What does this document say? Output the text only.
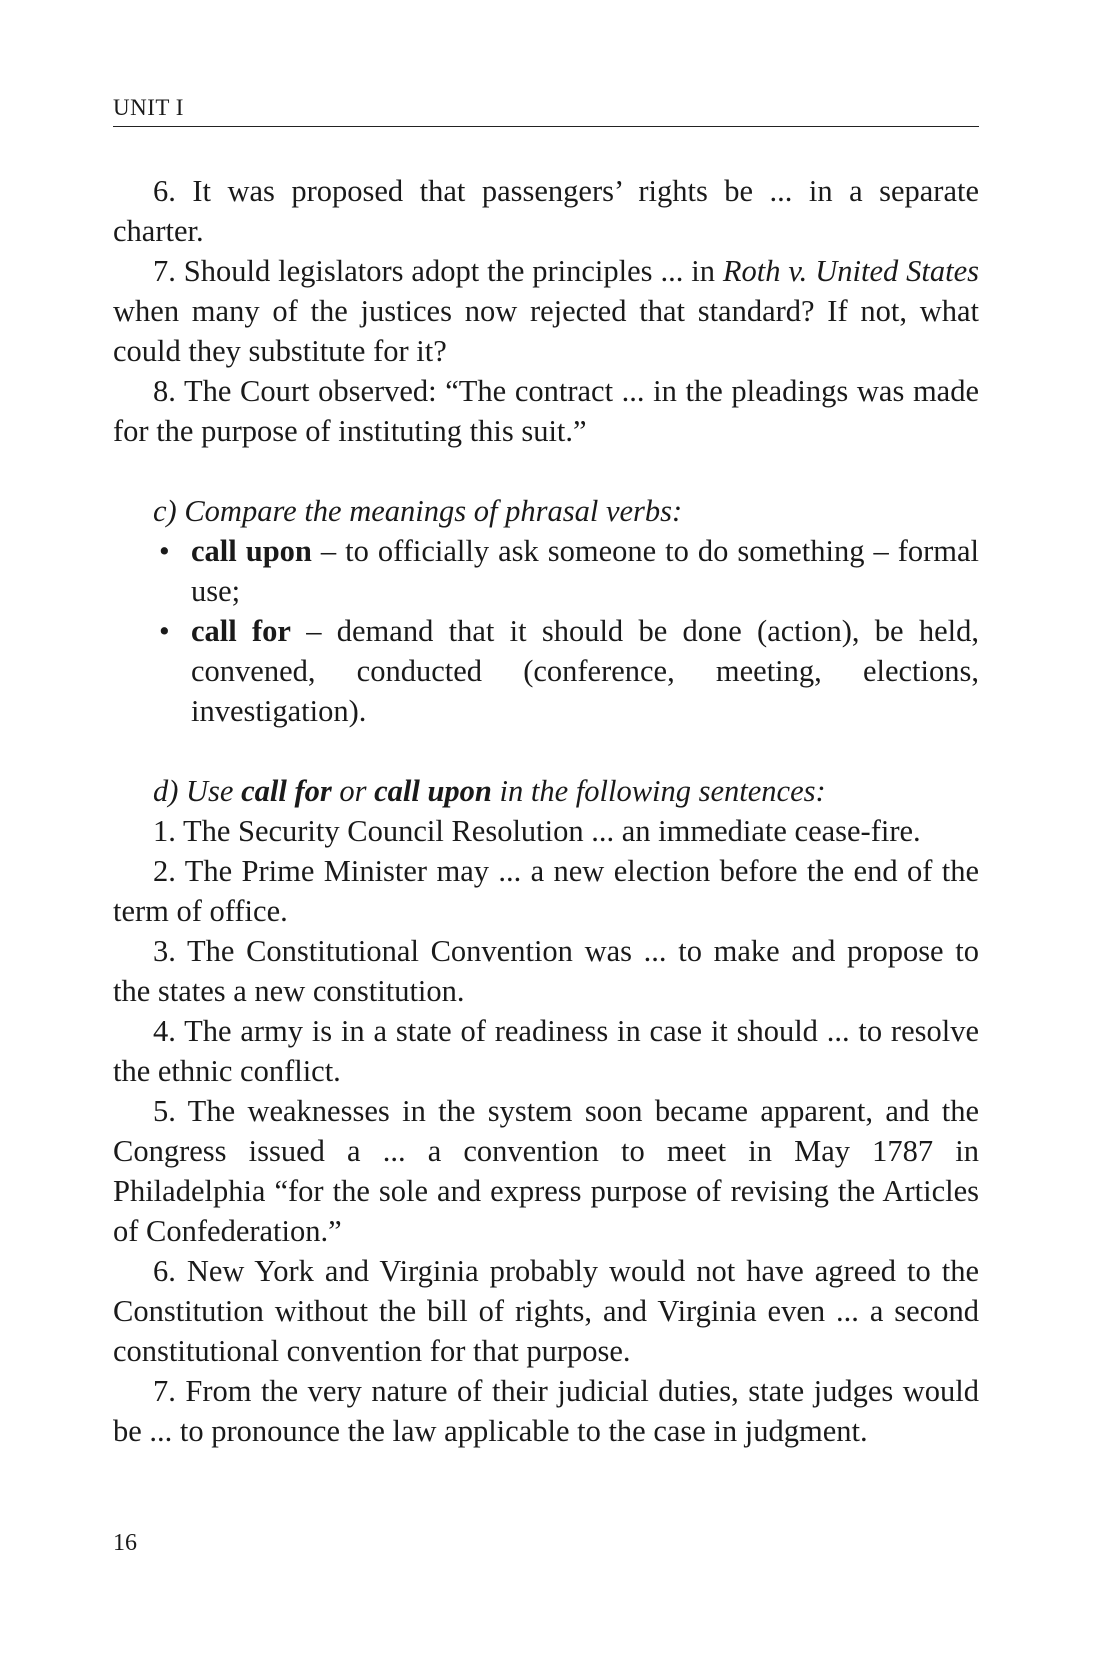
UNIT I

6. It was proposed that passengers’ rights be ... in a separate charter.

7. Should legislators adopt the principles ... in Roth v. United States when many of the justices now rejected that standard? If not, what could they substitute for it?

8. The Court observed: “The contract ... in the pleadings was made for the purpose of instituting this suit.”

c) Compare the meanings of phrasal verbs:

• call upon – to officially ask someone to do something – formal use;
• call for – demand that it should be done (action), be held, convened, conducted (conference, meeting, elections, investigation).

d) Use call for or call upon in the following sentences:

1. The Security Council Resolution ... an immediate cease-fire.

2. The Prime Minister may ... a new election before the end of the term of office.

3. The Constitutional Convention was ... to make and propose to the states a new constitution.

4. The army is in a state of readiness in case it should ... to resolve the ethnic conflict.

5. The weaknesses in the system soon became apparent, and the Congress issued a ... a convention to meet in May 1787 in Philadelphia “for the sole and express purpose of revising the Articles of Confederation.”

6. New York and Virginia probably would not have agreed to the Constitution without the bill of rights, and Virginia even ... a second constitutional convention for that purpose.

7. From the very nature of their judicial duties, state judges would be ... to pronounce the law applicable to the case in judgment.

16
